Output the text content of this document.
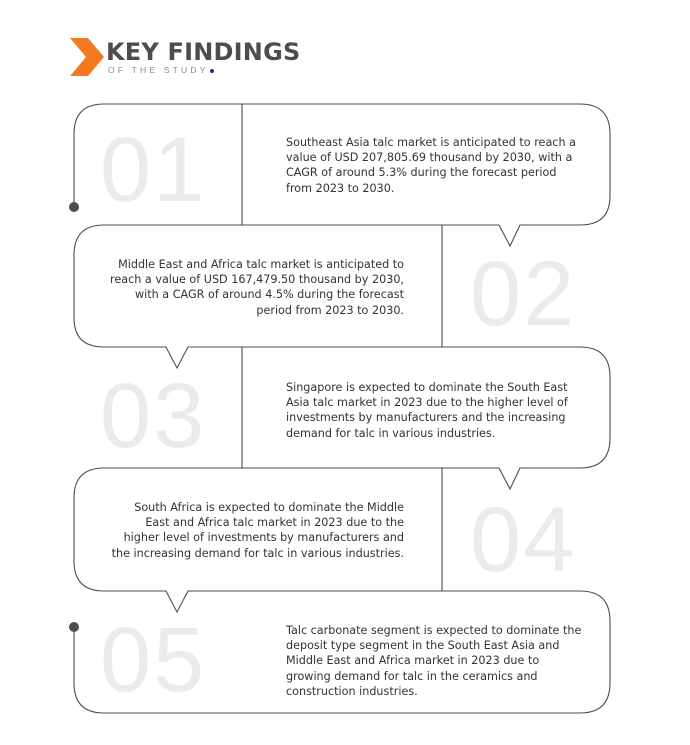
KEY FINDINGS
OF THE STUDY
01
02
03
04
05
Southeast Asia talc market is anticipated to reach a value of USD 207,805.69 thousand by 2030, with a CAGR of around 5.3% during the forecast period from 2023 to 2030.
Middle East and Africa talc market is anticipated to reach a value of USD 167,479.50 thousand by 2030, with a CAGR of around 4.5% during the forecast period from 2023 to 2030.
Singapore is expected to dominate the South East Asia talc market in 2023 due to the higher level of investments by manufacturers and the increasing demand for talc in various industries.
South Africa is expected to dominate the Middle East and Africa talc market in 2023 due to the higher level of investments by manufacturers and the increasing demand for talc in various industries.
Talc carbonate segment is expected to dominate the deposit type segment in the South East Asia and Middle East and Africa market in 2023 due to growing demand for talc in the ceramics and construction industries.
